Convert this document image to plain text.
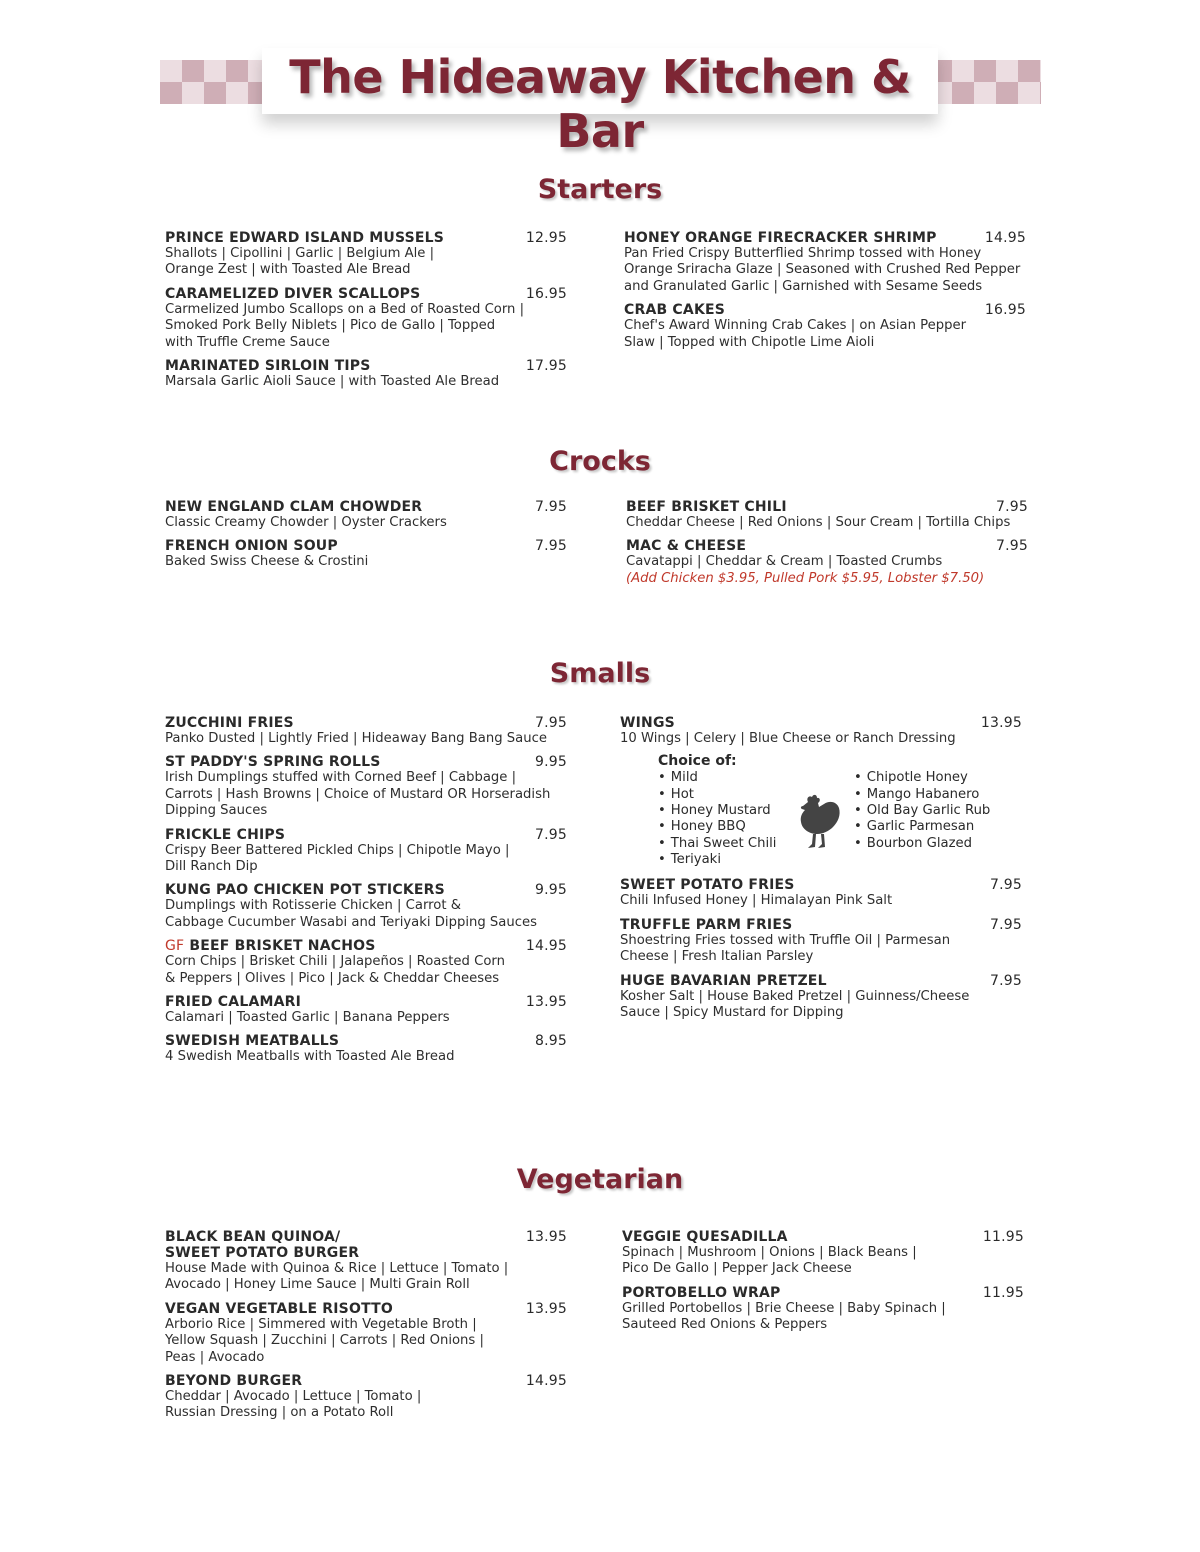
The Hideaway Kitchen & Bar
Starters
Crocks
Smalls
Vegetarian
PRINCE EDWARD ISLAND MUSSELS	12.95
Shallots | Cipollini | Garlic | Belgium Ale |
Orange Zest | with Toasted Ale Bread
CARAMELIZED DIVER SCALLOPS	16.95
Carmelized Jumbo Scallops on a Bed of Roasted Corn |
Smoked Pork Belly Niblets | Pico de Gallo | Topped
with Truffle Creme Sauce
MARINATED SIRLOIN TIPS	17.95
Marsala Garlic Aioli Sauce | with Toasted Ale Bread
HONEY ORANGE FIRECRACKER SHRIMP	14.95
Pan Fried Crispy Butterflied Shrimp tossed with Honey
Orange Sriracha Glaze | Seasoned with Crushed Red Pepper
and Granulated Garlic | Garnished with Sesame Seeds
CRAB CAKES	16.95
Chef's Award Winning Crab Cakes | on Asian Pepper
Slaw | Topped with Chipotle Lime Aioli
NEW ENGLAND CLAM CHOWDER	7.95
Classic Creamy Chowder | Oyster Crackers
FRENCH ONION SOUP	7.95
Baked Swiss Cheese & Crostini
BEEF BRISKET CHILI	7.95
Cheddar Cheese | Red Onions | Sour Cream | Tortilla Chips
MAC & CHEESE	7.95
Cavatappi | Cheddar & Cream | Toasted Crumbs
(Add Chicken $3.95, Pulled Pork $5.95, Lobster $7.50)
ZUCCHINI FRIES	7.95
Panko Dusted | Lightly Fried | Hideaway Bang Bang Sauce
ST PADDY'S SPRING ROLLS	9.95
Irish Dumplings stuffed with Corned Beef | Cabbage |
Carrots | Hash Browns | Choice of Mustard OR Horseradish
Dipping Sauces
FRICKLE CHIPS	7.95
Crispy Beer Battered Pickled Chips | Chipotle Mayo |
Dill Ranch Dip
KUNG PAO CHICKEN POT STICKERS	9.95
Dumplings with Rotisserie Chicken | Carrot &
Cabbage Cucumber Wasabi and Teriyaki Dipping Sauces
GF BEEF BRISKET NACHOS	14.95
Corn Chips | Brisket Chili | Jalapeños | Roasted Corn
& Peppers | Olives | Pico | Jack & Cheddar Cheeses
FRIED CALAMARI	13.95
Calamari | Toasted Garlic | Banana Peppers
SWEDISH MEATBALLS	8.95
4 Swedish Meatballs with Toasted Ale Bread
WINGS	13.95
10 Wings | Celery | Blue Cheese or Ranch Dressing
Choice of:
• Mild
• Hot
• Honey Mustard
• Honey BBQ
• Thai Sweet Chili
• Teriyaki
• Chipotle Honey
• Mango Habanero
• Old Bay Garlic Rub
• Garlic Parmesan
• Bourbon Glazed
SWEET POTATO FRIES	7.95
Chili Infused Honey | Himalayan Pink Salt
TRUFFLE PARM FRIES	7.95
Shoestring Fries tossed with Truffle Oil | Parmesan
Cheese | Fresh Italian Parsley
HUGE BAVARIAN PRETZEL	7.95
Kosher Salt | House Baked Pretzel | Guinness/Cheese
Sauce | Spicy Mustard for Dipping
BLACK BEAN QUINOA/	13.95
SWEET POTATO BURGER
House Made with Quinoa & Rice | Lettuce | Tomato |
Avocado | Honey Lime Sauce | Multi Grain Roll
VEGAN VEGETABLE RISOTTO	13.95
Arborio Rice | Simmered with Vegetable Broth |
Yellow Squash | Zucchini | Carrots | Red Onions |
Peas | Avocado
BEYOND BURGER	14.95
Cheddar | Avocado | Lettuce | Tomato |
Russian Dressing | on a Potato Roll
VEGGIE QUESADILLA	11.95
Spinach | Mushroom | Onions | Black Beans |
Pico De Gallo | Pepper Jack Cheese
PORTOBELLO WRAP	11.95
Grilled Portobellos | Brie Cheese | Baby Spinach |
Sauteed Red Onions & Peppers
